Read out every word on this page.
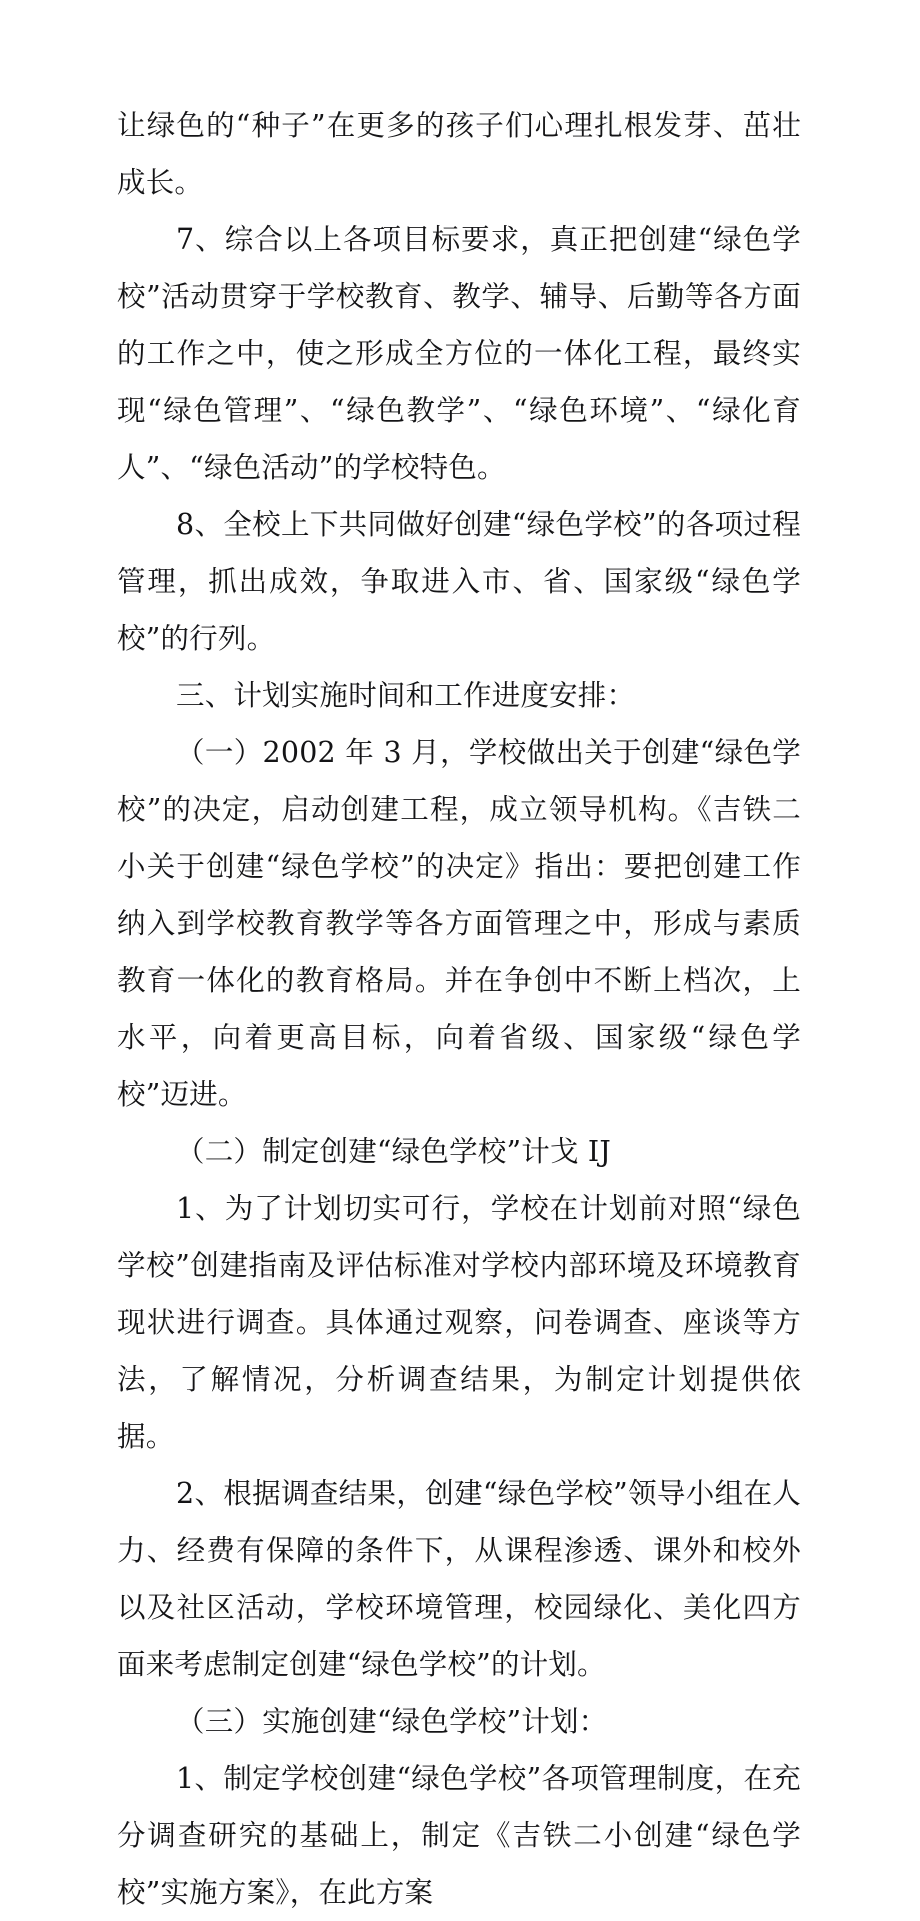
让绿色的“种子”在更多的孩子们心理扎根发芽、茁壮成长。

7、综合以上各项目标要求，真正把创建“绿色学校”活动贯穿于学校教育、教学、辅导、后勤等各方面的工作之中，使之形成全方位的一体化工程，最终实现“绿色管理”、“绿色教学”、“绿色环境”、“绿化育人”、“绿色活动”的学校特色。

8、全校上下共同做好创建“绿色学校”的各项过程管理，抓出成效，争取进入市、省、国家级“绿色学校”的行列。

三、计划实施时间和工作进度安排：

（一）2002 年 3 月，学校做出关于创建“绿色学校”的决定，启动创建工程，成立领导机构。《吉铁二小关于创建“绿色学校”的决定》指出：要把创建工作纳入到学校教育教学等各方面管理之中，形成与素质教育一体化的教育格局。并在争创中不断上档次，上水平，向着更高目标，向着省级、国家级“绿色学校”迈进。

（二）制定创建“绿色学校”计戈 IJ

1、为了计划切实可行，学校在计划前对照“绿色学校”创建指南及评估标准对学校内部环境及环境教育现状进行调查。具体通过观察，问卷调查、座谈等方法，了解情况，分析调查结果，为制定计划提供依据。

2、根据调查结果，创建“绿色学校”领导小组在人力、经费有保障的条件下，从课程渗透、课外和校外以及社区活动，学校环境管理，校园绿化、美化四方面来考虑制定创建“绿色学校”的计划。

（三）实施创建“绿色学校”计划：

1、制定学校创建“绿色学校”各项管理制度，在充分调查研究的基础上，制定《吉铁二小创建“绿色学校”实施方案》，在此方案
